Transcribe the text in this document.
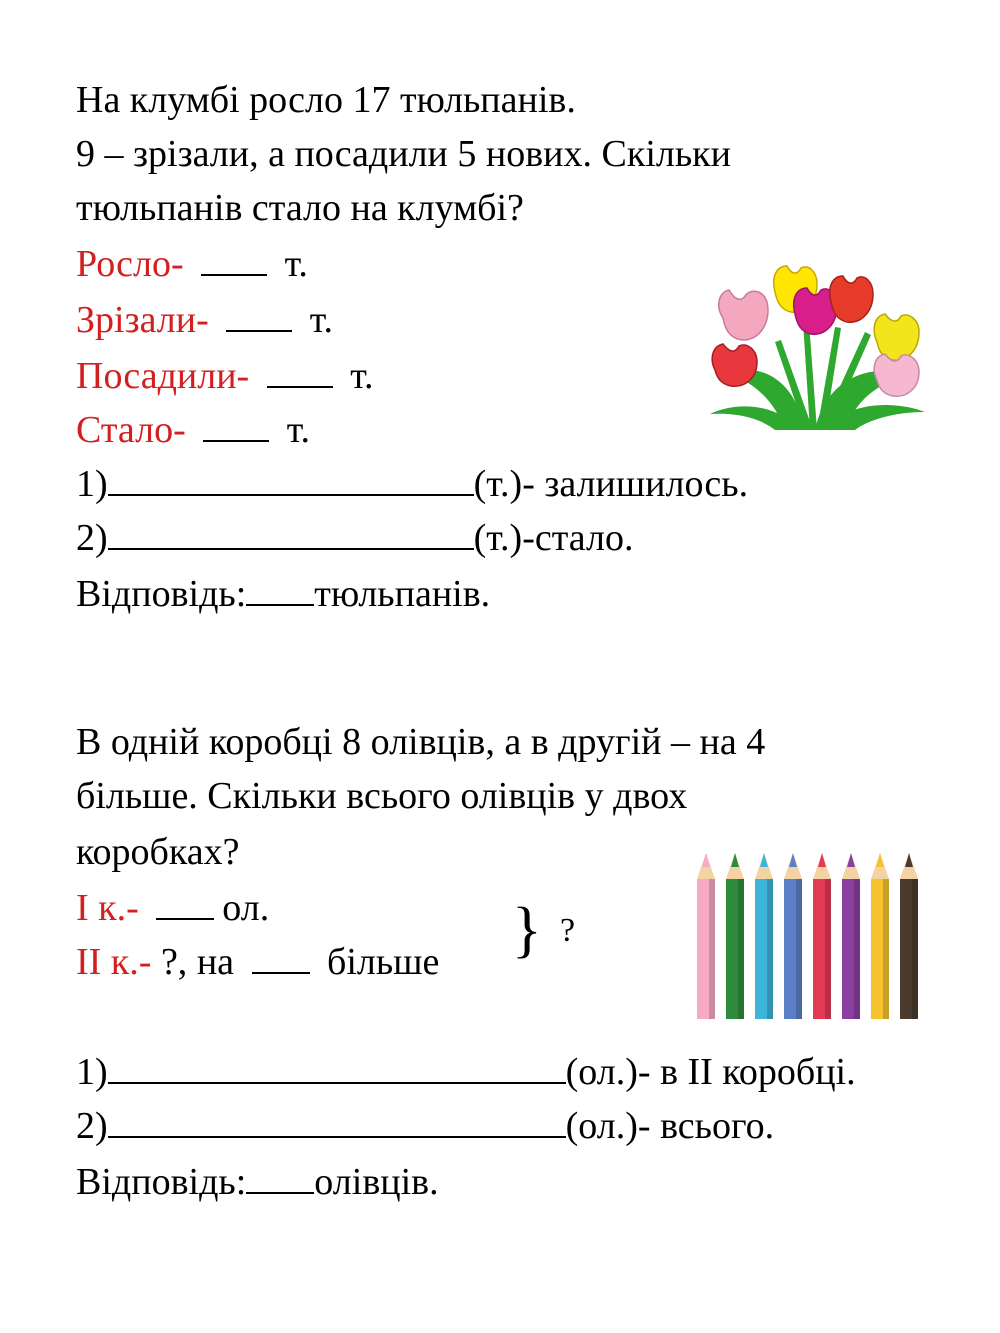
На клумбі росло 17 тюльпанів.
9 – зрізали, а посадили 5 нових. Скільки
тюльпанів стало на клумбі?
Росло-	т.
Зрізали-	т.
Посадили-	т.
Стало-	т.
1)	(т.)- залишилось.
2)	(т.)-стало.
Відповідь: тюльпанів.
В одній коробці 8 олівців, а в другій – на 4
більше. Скільки всього олівців у двох
коробках?
І к.- ол.
ІІ к.- ?, на більше } ?
1)	(ол.)- в ІІ коробці.
2)	(ол.)- всього.
Відповідь: олівців.
